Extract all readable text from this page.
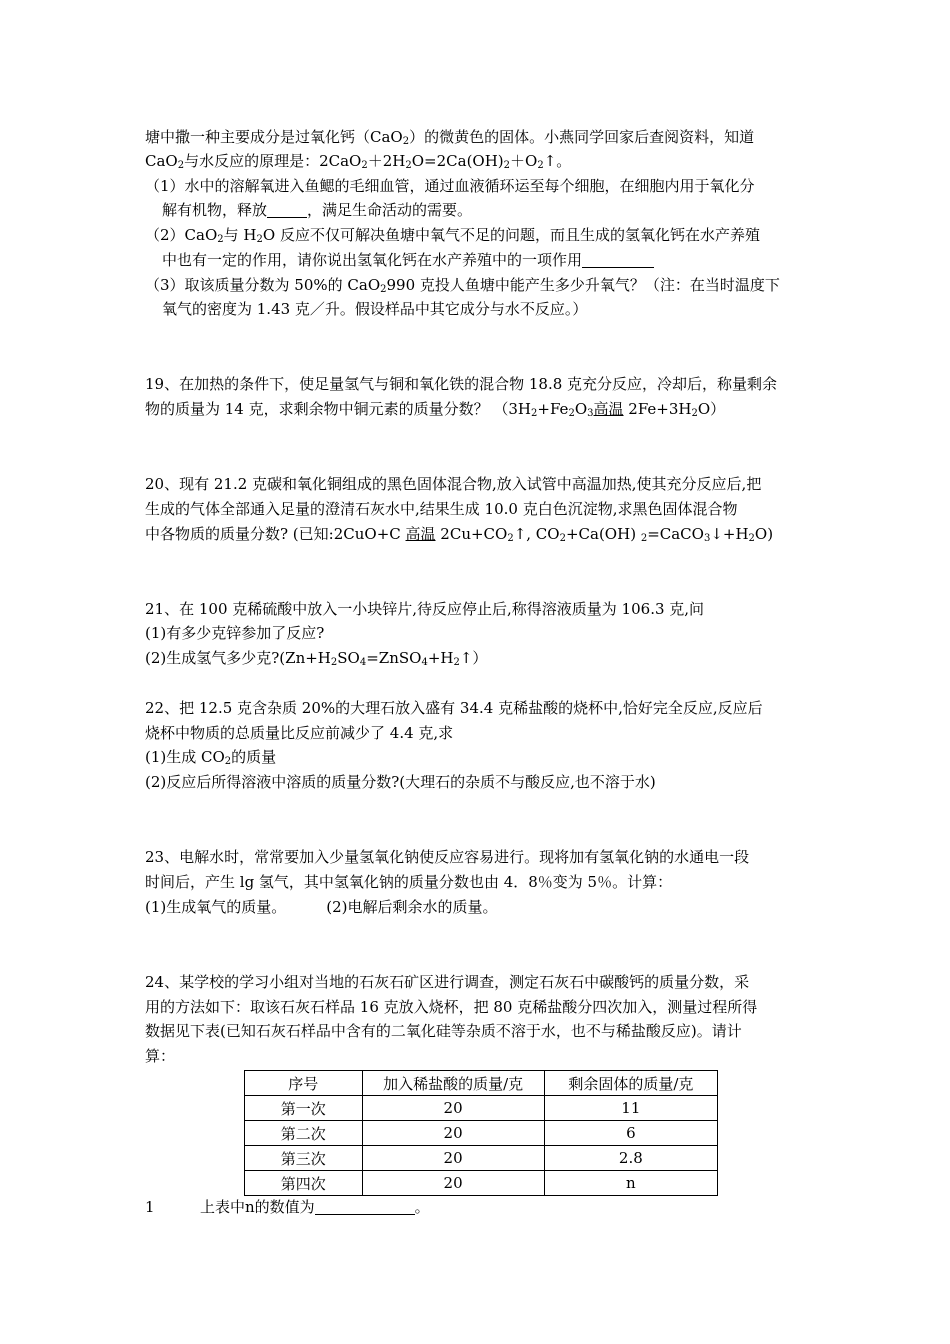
塘中撒一种主要成分是过氧化钙（CaO$_2$）的微黄色的固体。小燕同学回家后查阅资料，知道
CaO$_2$与水反应的原理是：$2CaO_2+2H_2O=2Ca(OH)_2+O_2↑$。
（1）水中的溶解氧进入鱼鳃的毛细血管，通过血液循环运至每个细胞，在细胞内用于氧化分
解有机物，释放	，满足生命活动的需要。
（2）CaO$_2$与 $H_2O$ 反应不仅可解决鱼塘中氧气不足的问题，而且生成的氢氧化钙在水产养殖
中也有一定的作用，请你说出氢氧化钙在水产养殖中的一项作用
（3）取该质量分数为 50%的 CaO$_2$990 克投人鱼塘中能产生多少升氧气？（注：在当时温度下
氧气的密度为 1.43 克／升。假设样品中其它成分与水不反应。）
19、在加热的条件下，使足量氢气与铜和氧化铁的混合物 18.8 克充分反应，冷却后，称量剩余
物的质量为 14 克，求剩余物中铜元素的质量分数？ （$3H_2+Fe_2O_3$高温 $2Fe+3H_2O$）
20、现有 21.2 克碳和氧化铜组成的黑色固体混合物,放入试管中高温加热,使其充分反应后,把
生成的气体全部通入足量的澄清石灰水中,结果生成 10.0 克白色沉淀物,求黑色固体混合物
中各物质的质量分数? (已知:2CuO+C 高温 $2Cu+CO_2↑$, $CO_2+Ca(OH)$ $_2=CaCO_3↓+H_2O$)
21、在 100 克稀硫酸中放入一小块锌片,待反应停止后,称得溶液质量为 106.3 克,问
(1)有多少克锌参加了反应?
(2)生成氢气多少克$?(Zn+H_2SO_4=ZnSO_4+H_2↑)$
22、把 12.5 克含杂质 20%的大理石放入盛有 34.4 克稀盐酸的烧杯中,恰好完全反应,反应后
烧杯中物质的总质量比反应前减少了 4.4 克,求
(1)生成 $CO_2$的质量
(2)反应后所得溶液中溶质的质量分数?(大理石的杂质不与酸反应,也不溶于水)
23、电解水时，常常要加入少量氢氧化钠使反应容易进行。现将加有氢氧化钠的水通电一段
时间后，产生 lg 氢气，其中氢氧化钠的质量分数也由 4．8％变为 5％。计算：
(1)生成氧气的质量。	(2)电解后剩余水的质量。
24、某学校的学习小组对当地的石灰石矿区进行调查，测定石灰石中碳酸钙的质量分数，采
用的方法如下：取该石灰石样品 16 克放入烧杯，把 80 克稀盐酸分四次加入，测量过程所得
数据见下表(已知石灰石样品中含有的二氧化硅等杂质不溶于水，也不与稀盐酸反应)。请计
算：
序号	加入稀盐酸的质量/克	剩余固体的质量/克
第一次	20	11
第二次	20	6
第三次	20	2.8
第四次	20	n
1	上表中n的数值为	。
